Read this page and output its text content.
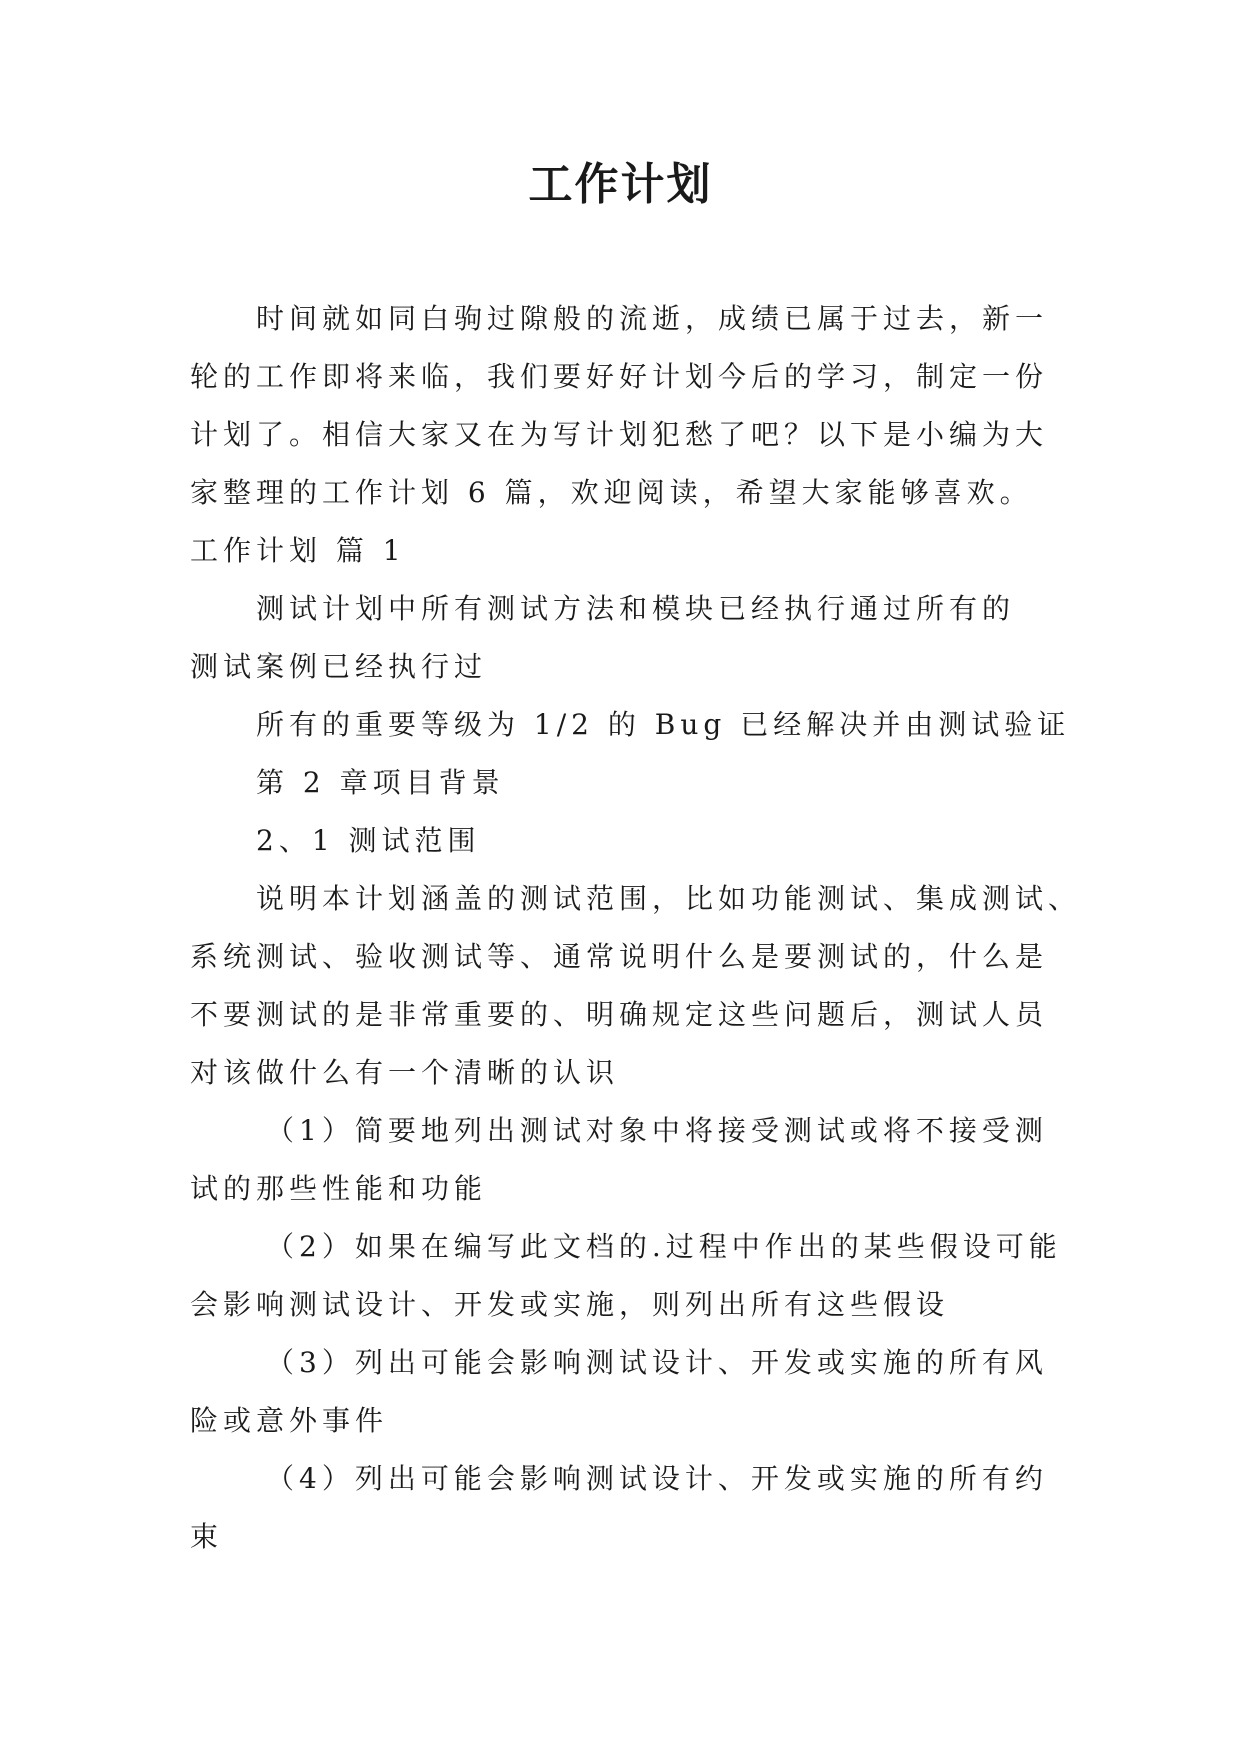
工作计划
时间就如同白驹过隙般的流逝，成绩已属于过去，新一
轮的工作即将来临，我们要好好计划今后的学习，制定一份
计划了。相信大家又在为写计划犯愁了吧？以下是小编为大
家整理的工作计划 6 篇，欢迎阅读，希望大家能够喜欢。
工作计划 篇 1
测试计划中所有测试方法和模块已经执行通过所有的
测试案例已经执行过
所有的重要等级为 1/2 的 Bug 已经解决并由测试验证
第 2 章项目背景
2、1 测试范围
说明本计划涵盖的测试范围，比如功能测试、集成测试、
系统测试、验收测试等、通常说明什么是要测试的，什么是
不要测试的是非常重要的、明确规定这些问题后，测试人员
对该做什么有一个清晰的认识
（1）简要地列出测试对象中将接受测试或将不接受测
试的那些性能和功能
（2）如果在编写此文档的.过程中作出的某些假设可能
会影响测试设计、开发或实施，则列出所有这些假设
（3）列出可能会影响测试设计、开发或实施的所有风
险或意外事件
（4）列出可能会影响测试设计、开发或实施的所有约
束
